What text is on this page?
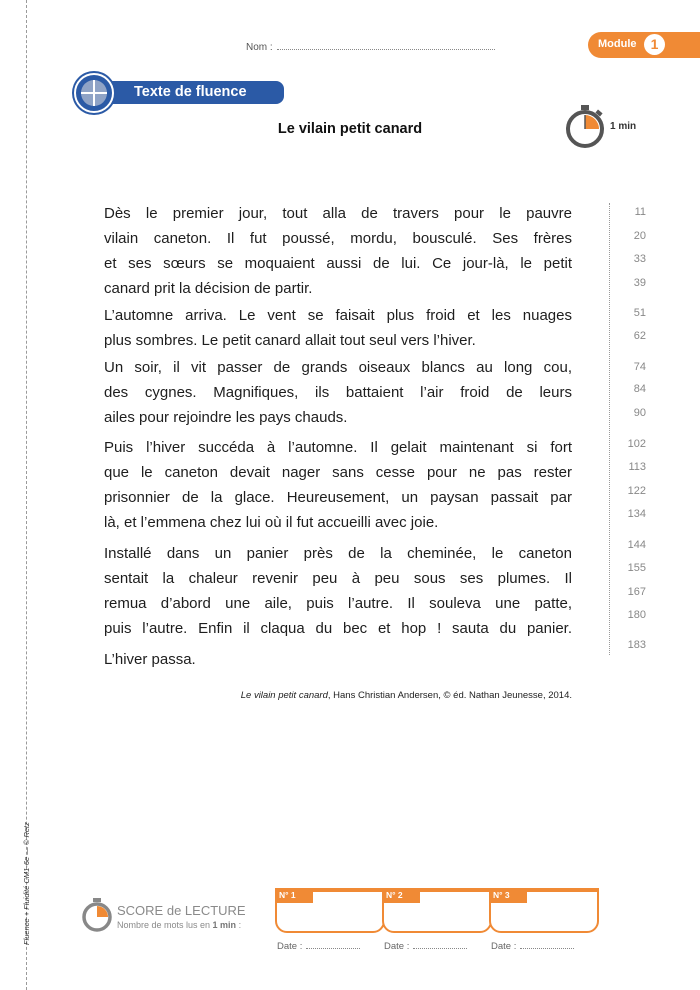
Fluence + Fluidité CM1-6e — © Retz
Nom :	Module	1
Texte de fluence
Le vilain petit canard	1 min
Dès le premier jour, tout alla de travers pour le pauvre
vilain caneton. Il fut poussé, mordu, bousculé. Ses frères
et ses sœurs se moquaient aussi de lui. Ce jour-là, le petit
canard prit la décision de partir.
L’automne arriva. Le vent se faisait plus froid et les nuages
plus sombres. Le petit canard allait tout seul vers l’hiver.
Un soir, il vit passer de grands oiseaux blancs au long cou,
des cygnes. Magnifiques, ils battaient l’air froid de leurs
ailes pour rejoindre les pays chauds.
Puis l’hiver succéda à l’automne. Il gelait maintenant si fort
que le caneton devait nager sans cesse pour ne pas rester
prisonnier de la glace. Heureusement, un paysan passait par
là, et l’emmena chez lui où il fut accueilli avec joie.
Installé dans un panier près de la cheminée, le caneton
sentait la chaleur revenir peu à peu sous ses plumes. Il
remua d’abord une aile, puis l’autre. Il souleva une patte,
puis l’autre. Enfin il claqua du bec et hop ! sauta du panier.
L’hiver passa.
11
20
33
39
51
62
74
84
90
102
113
122
134
144
155
167
180
183
Le vilain petit canard, Hans Christian Andersen, © éd. Nathan Jeunesse, 2014.
SCORE de LECTURE
Nombre de mots lus en 1 min :
N° 1	N° 2	N° 3
Date :	Date :	Date :
